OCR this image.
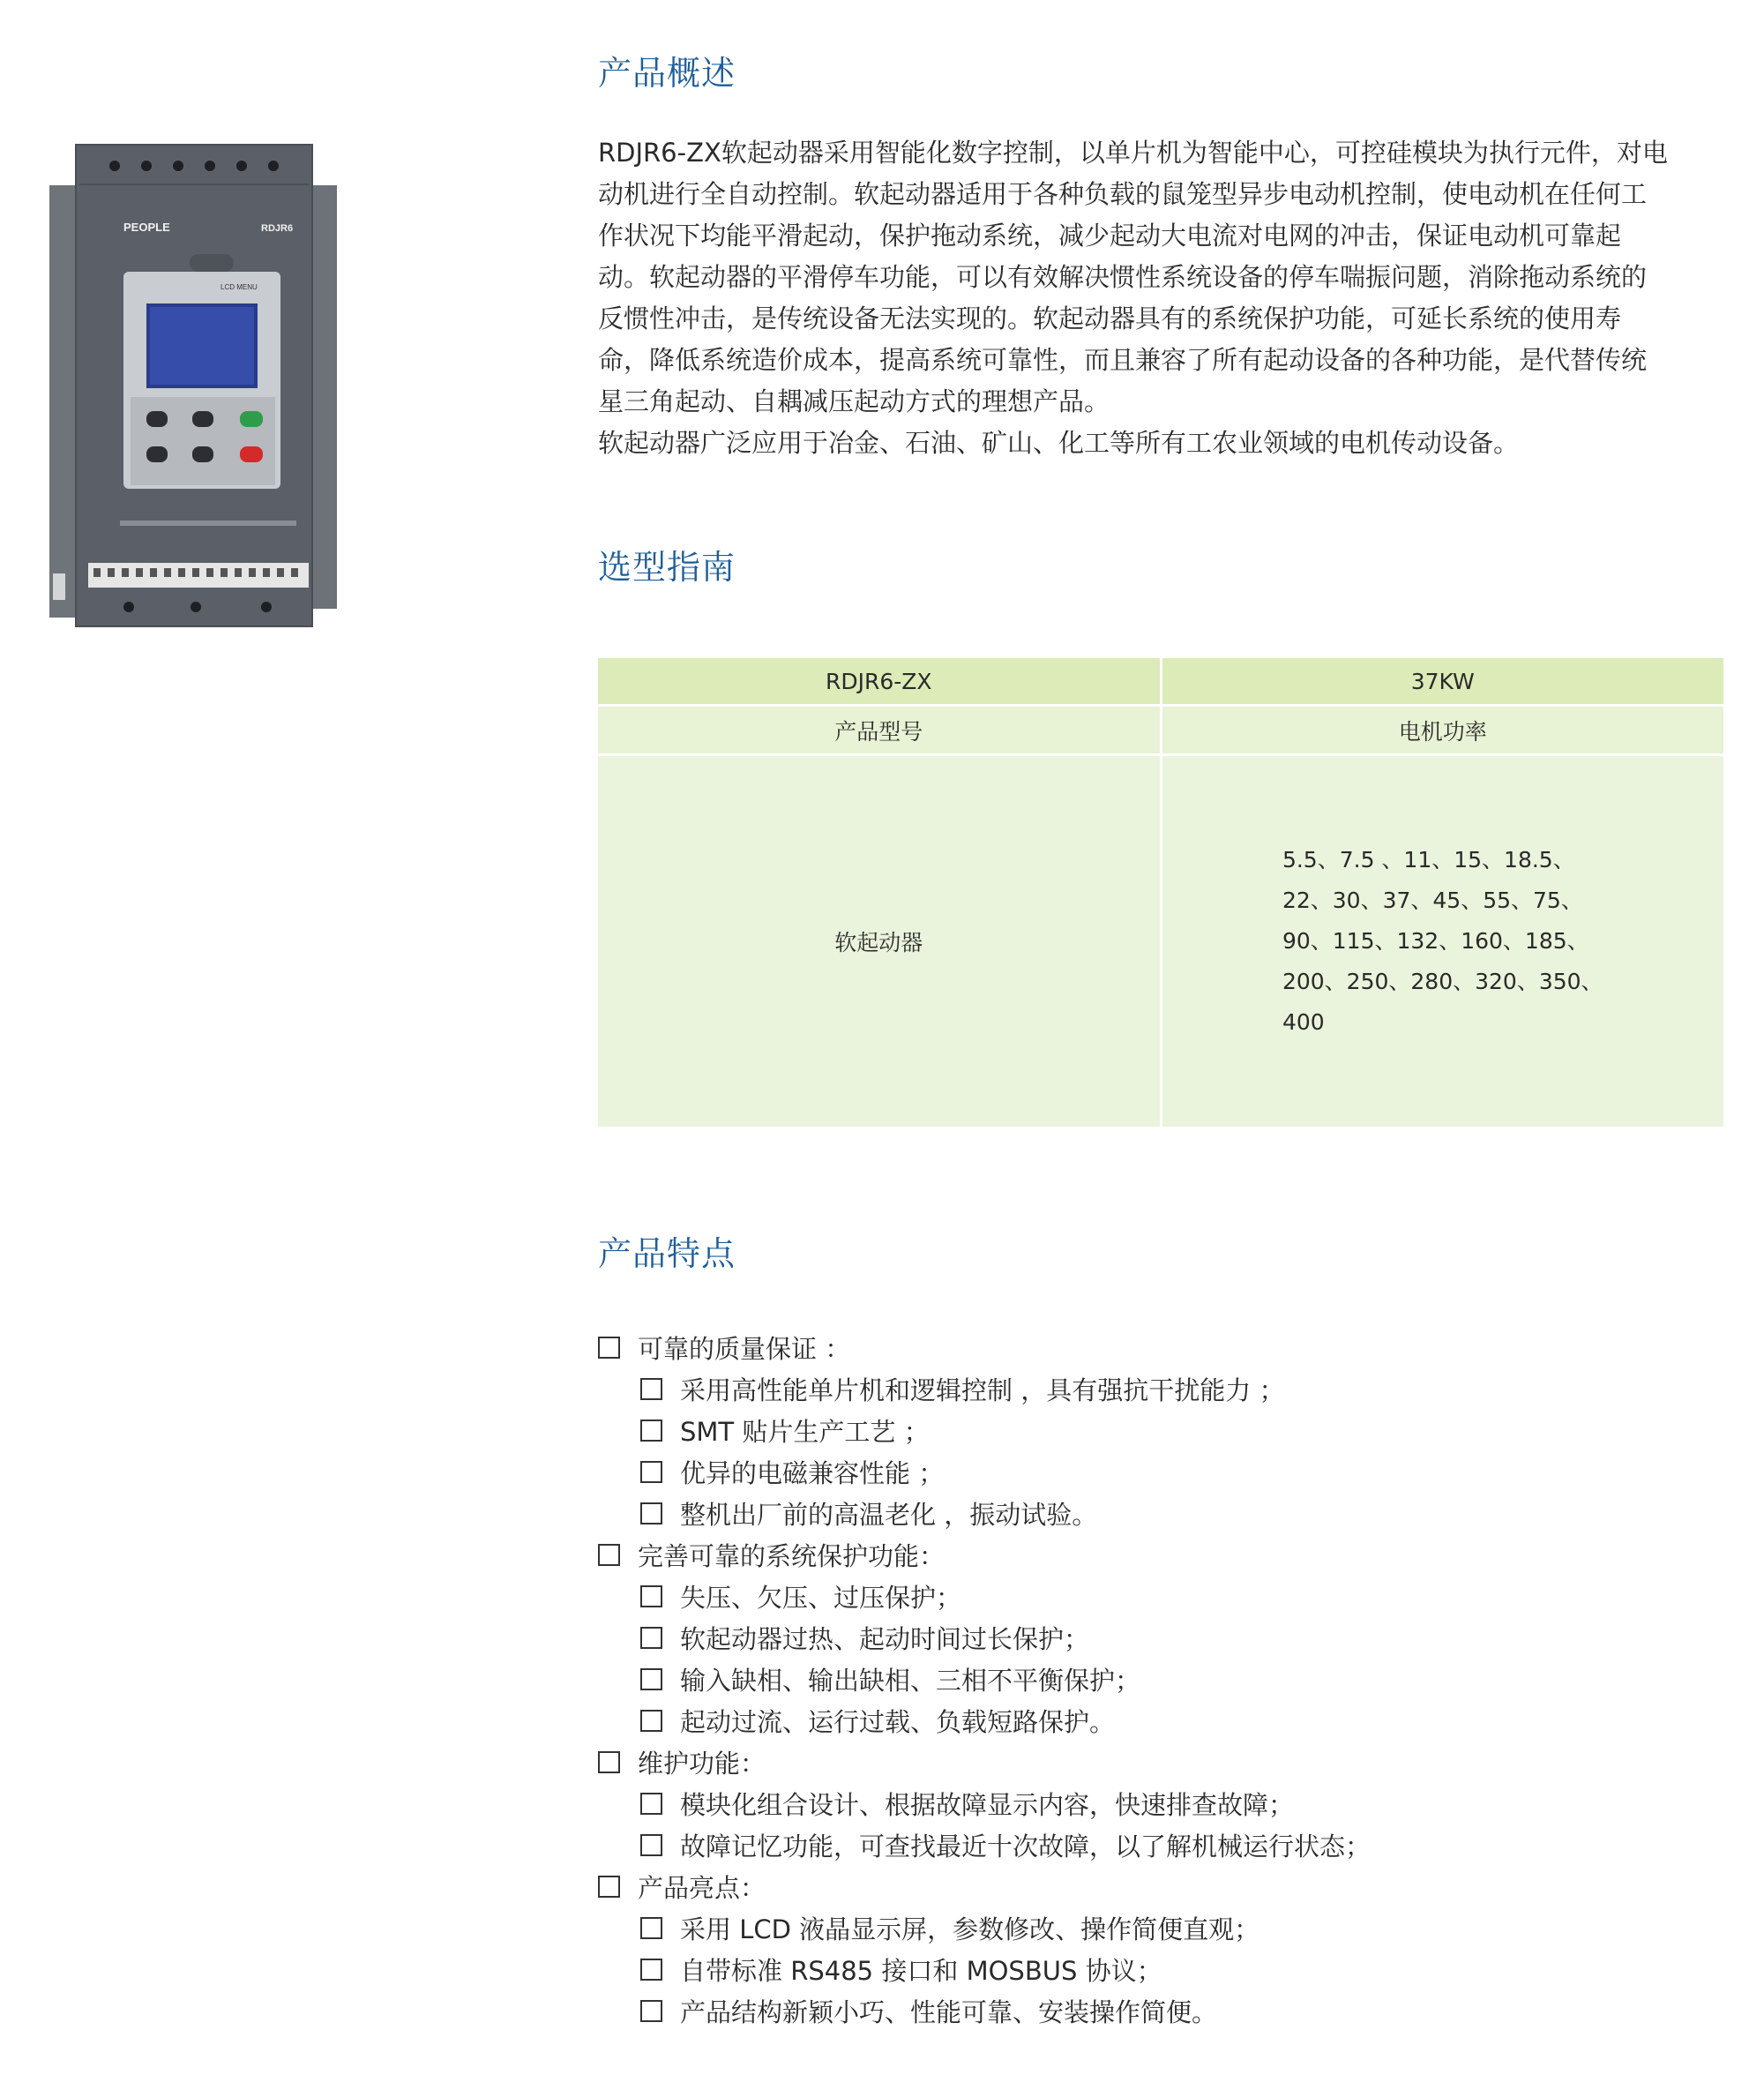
产品概述
选型指南
产品特点

RDJR6-ZX软起动器采用智能化数字控制，以单片机为智能中心，可控硅模块为执行元件，对电

动机进行全自动控制。软起动器适用于各种负载的鼠笼型异步电动机控制，使电动机在任何工

作状况下均能平滑起动，保护拖动系统，减少起动大电流对电网的冲击，保证电动机可靠起

动。软起动器的平滑停车功能，可以有效解决惯性系统设备的停车喘振问题，消除拖动系统的

反惯性冲击，是传统设备无法实现的。软起动器具有的系统保护功能，可延长系统的使用寿

命，降低系统造价成本，提高系统可靠性，而且兼容了所有起动设备的各种功能，是代替传统

星三角起动、自耦减压起动方式的理想产品。

软起动器广泛应用于冶金、石油、矿山、化工等所有工农业领域的电机传动设备。

PEOPLE	RDJR6
LCD MENU
RDJR6-ZX	37KW
产品型号	电机功率
软起动器	5.5、7.5 、11、15、18.5、
22、30、37、45、55、75、
90、115、132、160、185、
200、250、280、320、350、
400
可靠的质量保证 ：
采用高性能单片机和逻辑控制 ，具有强抗干扰能力 ；
SMT 贴片生产工艺 ；
优异的电磁兼容性能 ；
整机出厂前的高温老化 ，振动试验。
完善可靠的系统保护功能：
失压、欠压、过压保护；
软起动器过热、起动时间过长保护；
输入缺相、输出缺相、三相不平衡保护；
起动过流、运行过载、负载短路保护。
维护功能：
模块化组合设计、根据故障显示内容，快速排查故障；
故障记忆功能，可查找最近十次故障，以了解机械运行状态；
产品亮点：
采用 LCD 液晶显示屏，参数修改、操作简便直观；
自带标准 RS485 接口和 MOSBUS 协议；
产品结构新颖小巧、性能可靠、安装操作简便。
